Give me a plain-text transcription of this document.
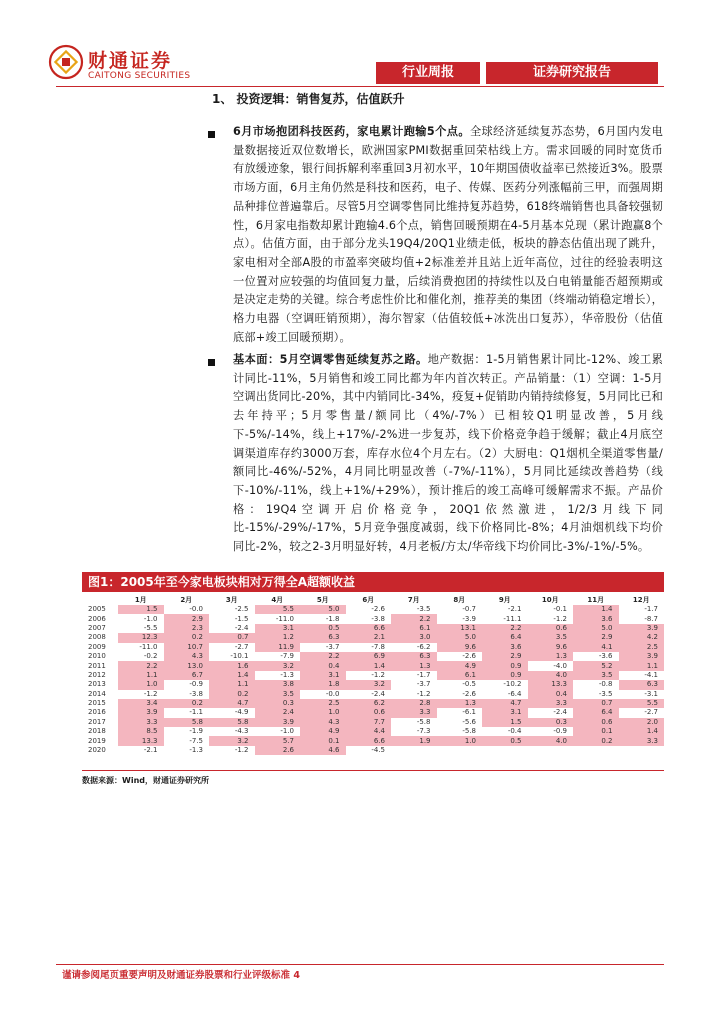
财通证券
CAITONG SECURITIES	行业周报	证券研究报告
1、 投资逻辑：销售复苏，估值跃升
6月市场抱团科技医药，家电累计跑输5个点。全球经济延续复苏态势，6月国内发电量数据接近双位数增长，欧洲国家PMI数据重回荣枯线上方。需求回暖的同时宽货币有放缓迹象，银行间拆解利率重回3月初水平，10年期国债收益率已然接近3%。股票市场方面，6月主角仍然是科技和医药，电子、传媒、医药分列涨幅前三甲，而强周期品种排位普遍靠后。尽管5月空调零售同比维持复苏趋势，618终端销售也具备较强韧性，6月家电指数却累计跑输4.6个点，销售回暖预期在4-5月基本兑现（累计跑赢8个点）。估值方面，由于部分龙头19Q4/20Q1业绩走低，板块的静态估值出现了跳升，家电相对全部A股的市盈率突破均值+2标准差并且站上近年高位，过往的经验表明这一位置对应较强的均值回复力量，后续消费抱团的持续性以及白电销量能否超预期或是决定走势的关键。综合考虑性价比和催化剂，推荐美的集团（终端动销稳定增长），格力电器（空调旺销预期），海尔智家（估值较低+冰洗出口复苏），华帝股份（估值底部+竣工回暖预期）。
基本面：5月空调零售延续复苏之路。地产数据：1-5月销售累计同比-12%、竣工累计同比-11%，5月销售和竣工同比都为年内首次转正。产品销量：（1）空调：1-5月空调出货同比-20%，其中内销同比-34%，疫复+促销助内销持续修复，5月同比已和去年持平；5月零售量/额同比（4%/-7%）已相较Q1明显改善，5月线下-5%/-14%，线上+17%/-2%进一步复苏，线下价格竞争趋于缓解；截止4月底空调渠道库存约3000万套，库存水位4个月左右。（2）大厨电：Q1烟机全渠道零售量/额同比-46%/-52%，4月同比明显改善（-7%/-11%），5月同比延续改善趋势（线下-10%/-11%，线上+1%/+29%），预计推后的竣工高峰可缓解需求不振。产品价格：19Q4空调开启价格竞争，20Q1依然激进，1/2/3月线下同比-15%/-29%/-17%，5月竞争强度减弱，线下价格同比-8%；4月油烟机线下均价同比-2%，较之2-3月明显好转，4月老板/方太/华帝线下均价同比-3%/-1%/-5%。
图1：2005年至今家电板块相对万得全A超额收益
	1月	2月	3月	4月	5月	6月	7月	8月	9月	10月	11月	12月
2005	1.5	-0.0	-2.5	5.5	5.0	-2.6	-3.5	-0.7	-2.1	-0.1	1.4	-1.7
2006	-1.0	2.9	-1.5	-11.0	-1.8	-3.8	2.2	-3.9	-11.1	-1.2	3.6	-8.7
2007	-5.5	2.3	-2.4	3.1	0.5	6.6	6.1	13.1	2.2	0.6	5.0	3.9
2008	12.3	0.2	0.7	1.2	6.3	2.1	3.0	5.0	6.4	3.5	2.9	4.2
2009	-11.0	10.7	-2.7	11.9	-3.7	-7.8	-6.2	9.6	3.6	9.6	4.1	2.5
2010	-0.2	4.3	-10.1	-7.9	2.2	6.9	6.3	-2.6	2.9	1.3	-3.6	3.9
2011	2.2	13.0	1.6	3.2	0.4	1.4	1.3	4.9	0.9	-4.0	5.2	1.1
2012	1.1	6.7	1.4	-1.3	3.1	-1.2	-1.7	6.1	0.9	4.0	3.5	-4.1
2013	1.0	-0.9	1.1	3.8	1.8	3.2	-3.7	-0.5	-10.2	13.3	-0.8	6.3
2014	-1.2	-3.8	0.2	3.5	-0.0	-2.4	-1.2	-2.6	-6.4	0.4	-3.5	-3.1
2015	3.4	0.2	4.7	0.3	2.5	6.2	2.8	1.3	4.7	3.3	0.7	5.5
2016	3.9	-1.1	-4.9	2.4	1.0	0.6	3.3	-6.1	3.1	-2.4	6.4	-2.7
2017	3.3	5.8	5.8	3.9	4.3	7.7	-5.8	-5.6	1.5	0.3	0.6	2.0
2018	8.5	-1.9	-4.3	-1.0	4.9	4.4	-7.3	-5.8	-0.4	-0.9	0.1	1.4
2019	13.3	-7.5	3.2	5.7	0.1	6.6	1.9	1.0	0.5	4.0	0.2	3.3
2020	-2.1	-1.3	-1.2	2.6	4.6	-4.5						
数据来源：Wind，财通证券研究所
谨请参阅尾页重要声明及财通证券股票和行业评级标准 4
